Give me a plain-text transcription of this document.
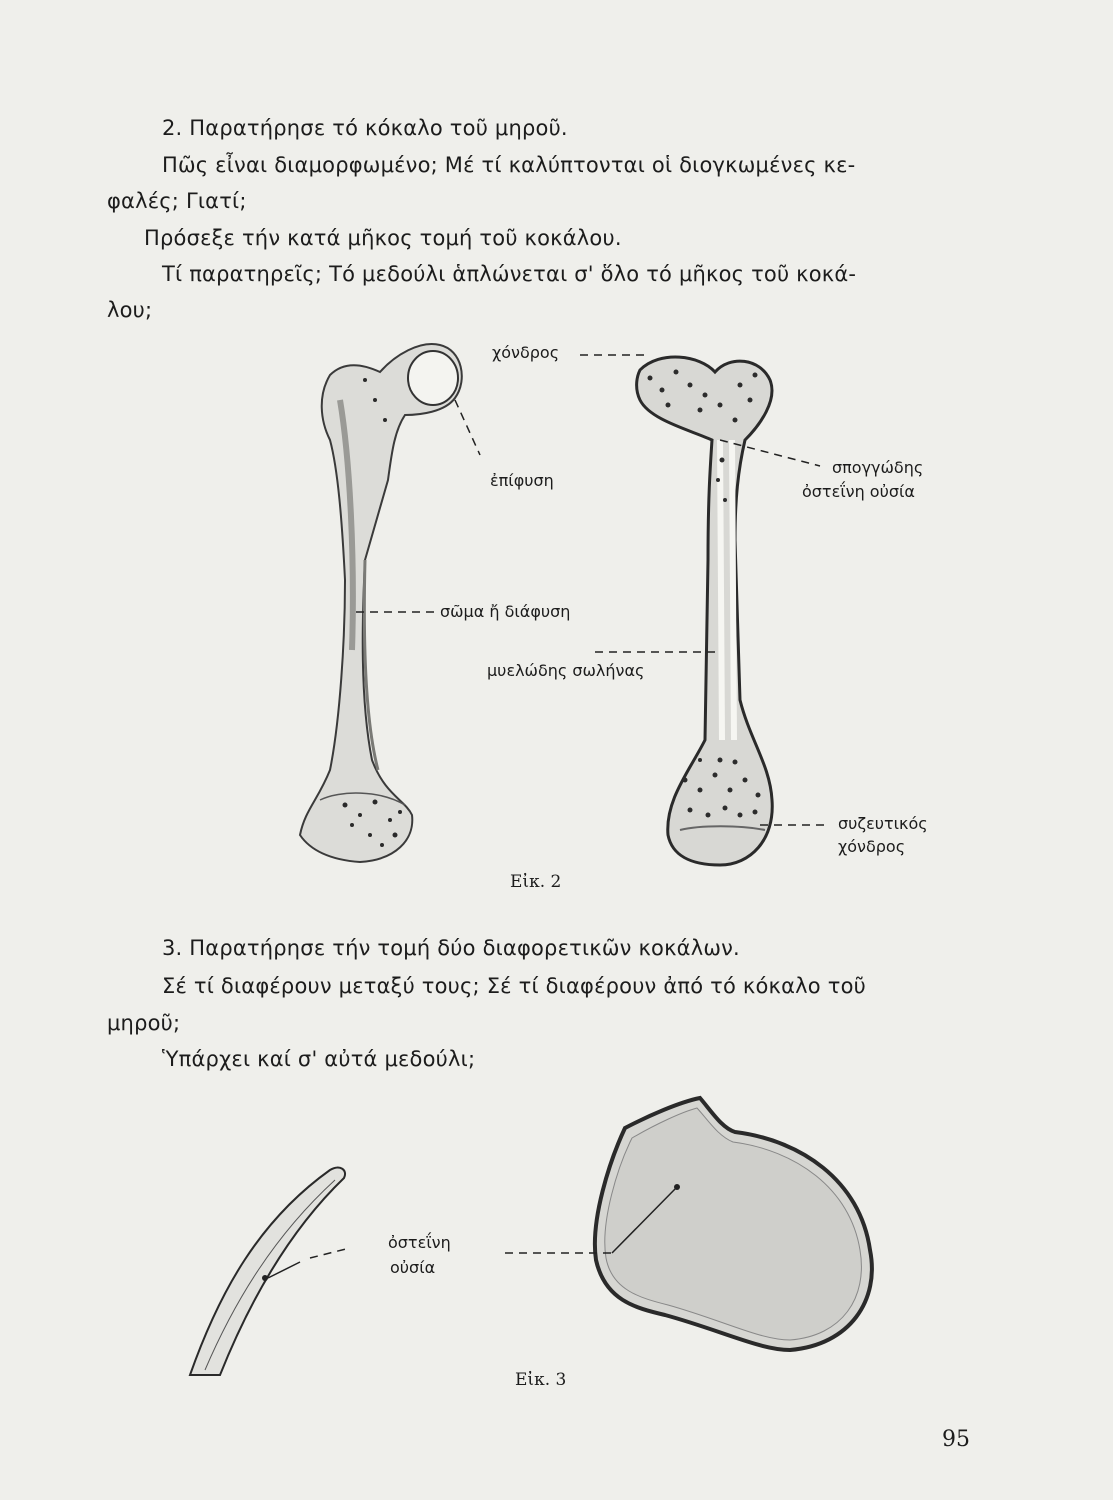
2. Παρατήρησε τό κόκαλο τοῦ μηροῦ.
Πῶς εἶναι διαμορφωμένο; Μέ τί καλύπτονται οἱ διογκωμένες κε-
φαλές; Γιατί;
Πρόσεξε τήν κατά μῆκος τομή τοῦ κοκάλου.
Τί παρατηρεῖς; Τό μεδούλι ἁπλώνεται σ' ὅλο τό μῆκος τοῦ κοκά-
λου;
χόνδρος
ἐπίφυση
σπογγώδης
ὀστεΐνη οὐσία
σῶμα ἤ διάφυση
μυελώδης σωλήνας
συζευτικός
χόνδρος
Εἰκ. 2
3. Παρατήρησε τήν τομή δύο διαφορετικῶν κοκάλων.
Σέ τί διαφέρουν μεταξύ τους; Σέ τί διαφέρουν ἀπό τό κόκαλο τοῦ
μηροῦ;
Ὑπάρχει καί σ' αὐτά μεδούλι;
ὀστεΐνη
οὐσία
Εἰκ. 3
95
